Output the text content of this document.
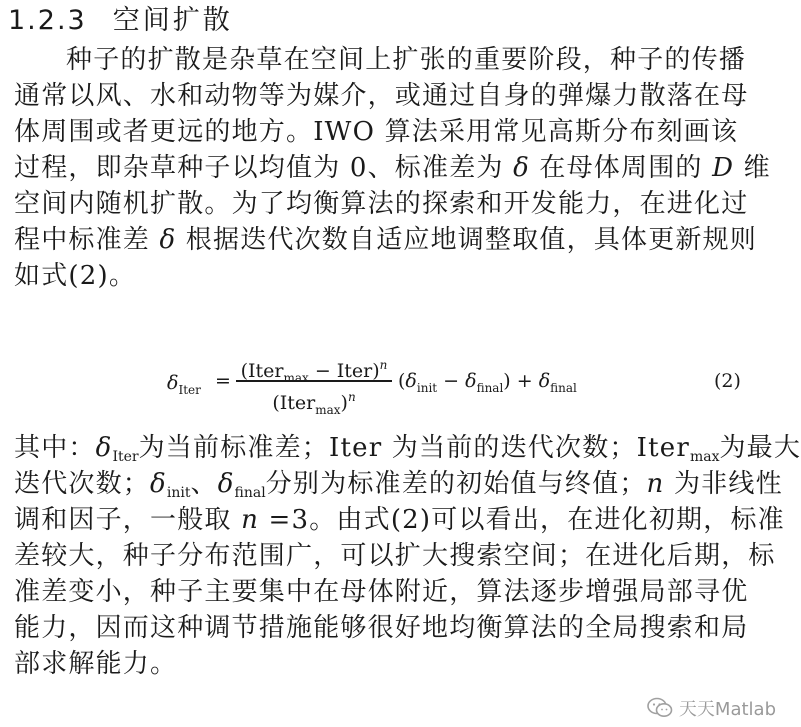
1.2.3 空间扩散
种子的扩散是杂草在空间上扩张的重要阶段，种子的传播
通常以风、水和动物等为媒介，或通过自身的弹爆力散落在母
体周围或者更远的地方。IWO 算法采用常见高斯分布刻画该
过程，即杂草种子以均值为 0、标准差为 δ 在母体周围的 D 维
空间内随机扩散。为了均衡算法的探索和开发能力，在进化过
程中标准差 δ 根据迭代次数自适应地调整取值，具体更新规则
如式(2)。
$\delta_{Iter}$ = (Iter$_{max}$ − Iter)$^n$
(Iter$_{max}$)$^n$
$(\delta_{init} - \delta_{final}) + \delta_{final}$	(2)
其中：$\delta_{Iter}$为当前标准差；Iter 为当前的迭代次数；Iter$_{max}$为最大
迭代次数；$\delta_{init}$、$\delta_{final}$分别为标准差的初始值与终值；n 为非线性
调和因子，一般取 n =3。由式(2)可以看出，在进化初期，标准
差较大，种子分布范围广，可以扩大搜索空间；在进化后期，标
准差变小，种子主要集中在母体附近，算法逐步增强局部寻优
能力，因而这种调节措施能够很好地均衡算法的全局搜索和局
部求解能力。
天天Matlab
